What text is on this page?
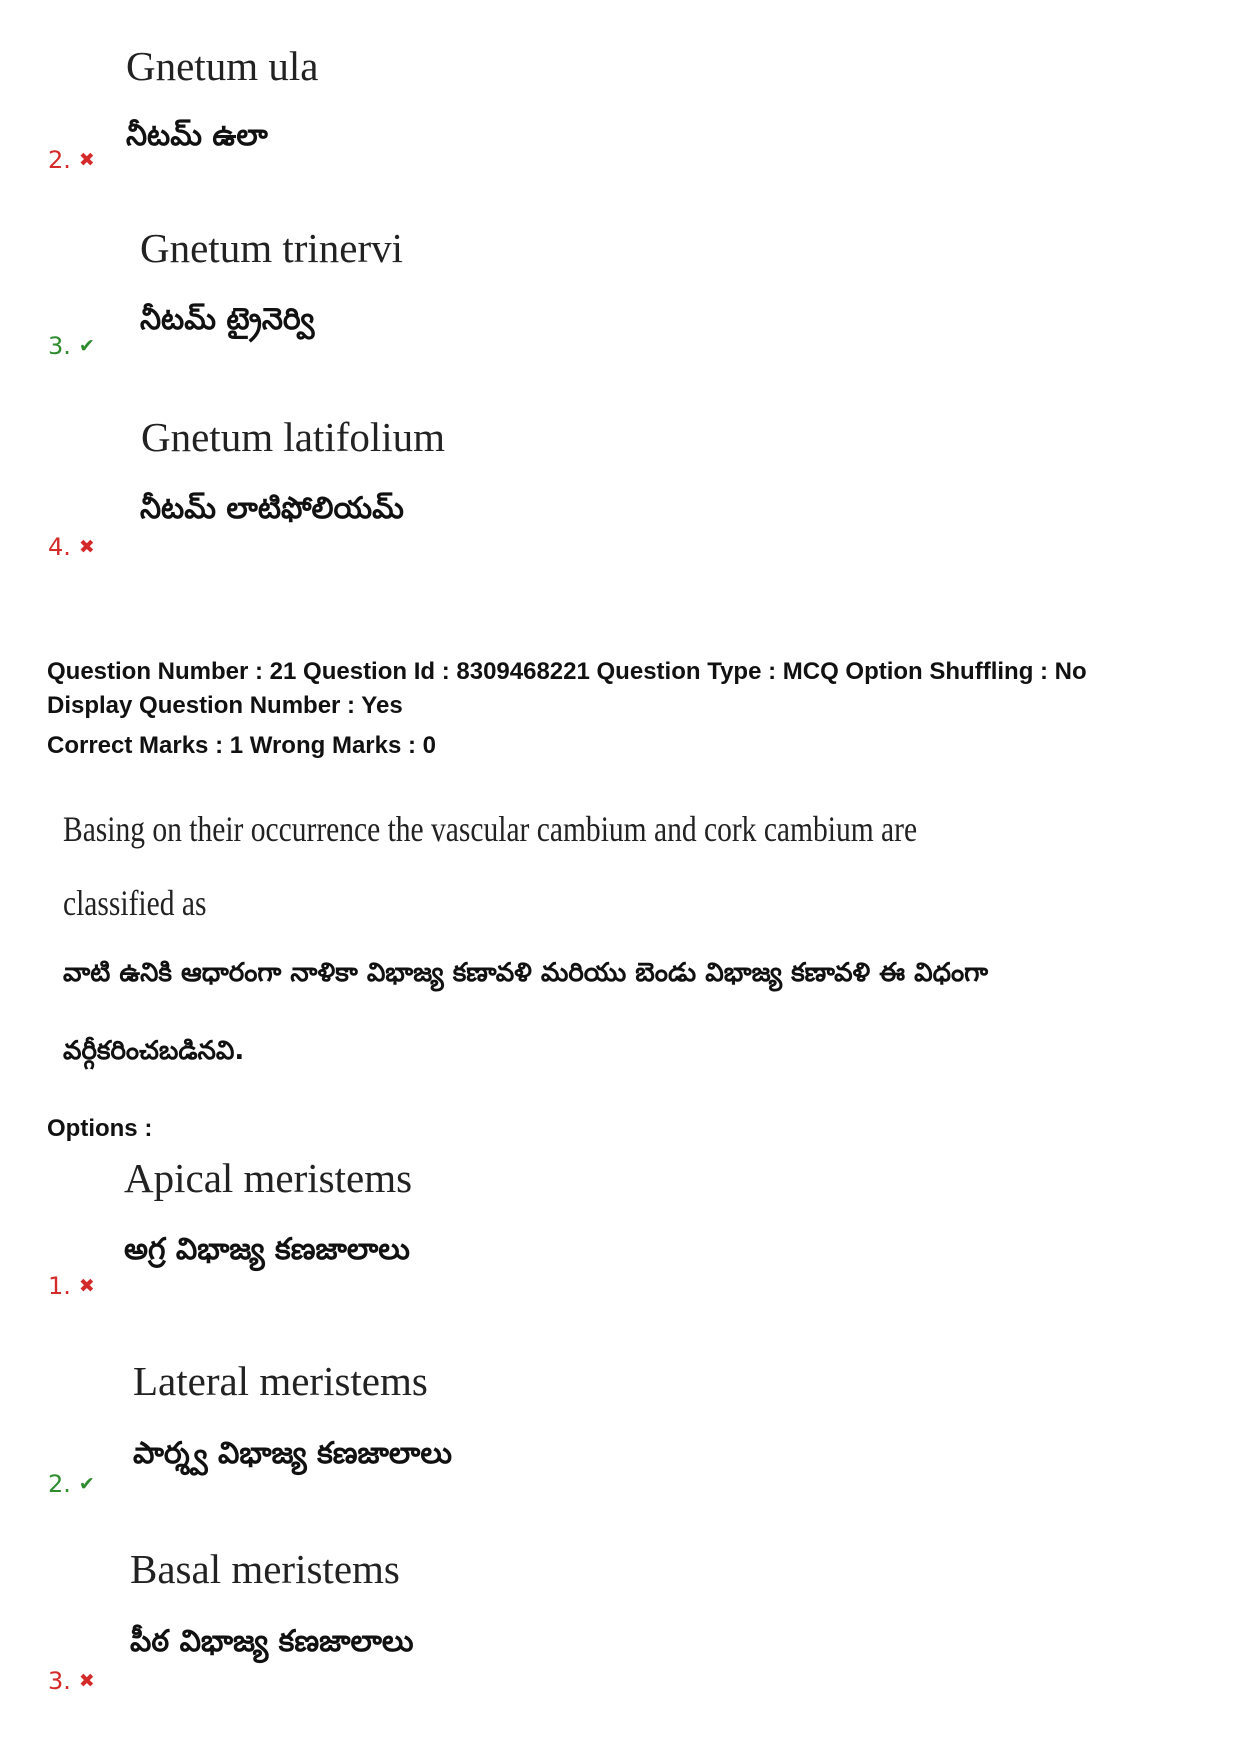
Gnetum ula
నీటమ్ ఉలా
2. ✖
Gnetum trinervi
నీటమ్ ట్రైనెర్వి
3. ✔
Gnetum latifolium
నీటమ్ లాటిఫోలియమ్
4. ✖
Question Number : 21 Question Id : 8309468221 Question Type : MCQ Option Shuffling : No
Display Question Number : Yes
Correct Marks : 1 Wrong Marks : 0
Basing on their occurrence the vascular cambium and cork cambium are
classified as
వాటి ఉనికి ఆధారంగా నాళికా విభాజ్య కణావళి మరియు బెండు విభాజ్య కణావళి ఈ విధంగా
వర్గీకరించబడినవి.
Options :
Apical meristems
అగ్ర విభాజ్య కణజాలాలు
1. ✖
Lateral meristems
పార్శ్వ విభాజ్య కణజాలాలు
2. ✔
Basal meristems
పీఠ విభాజ్య కణజాలాలు
3. ✖
